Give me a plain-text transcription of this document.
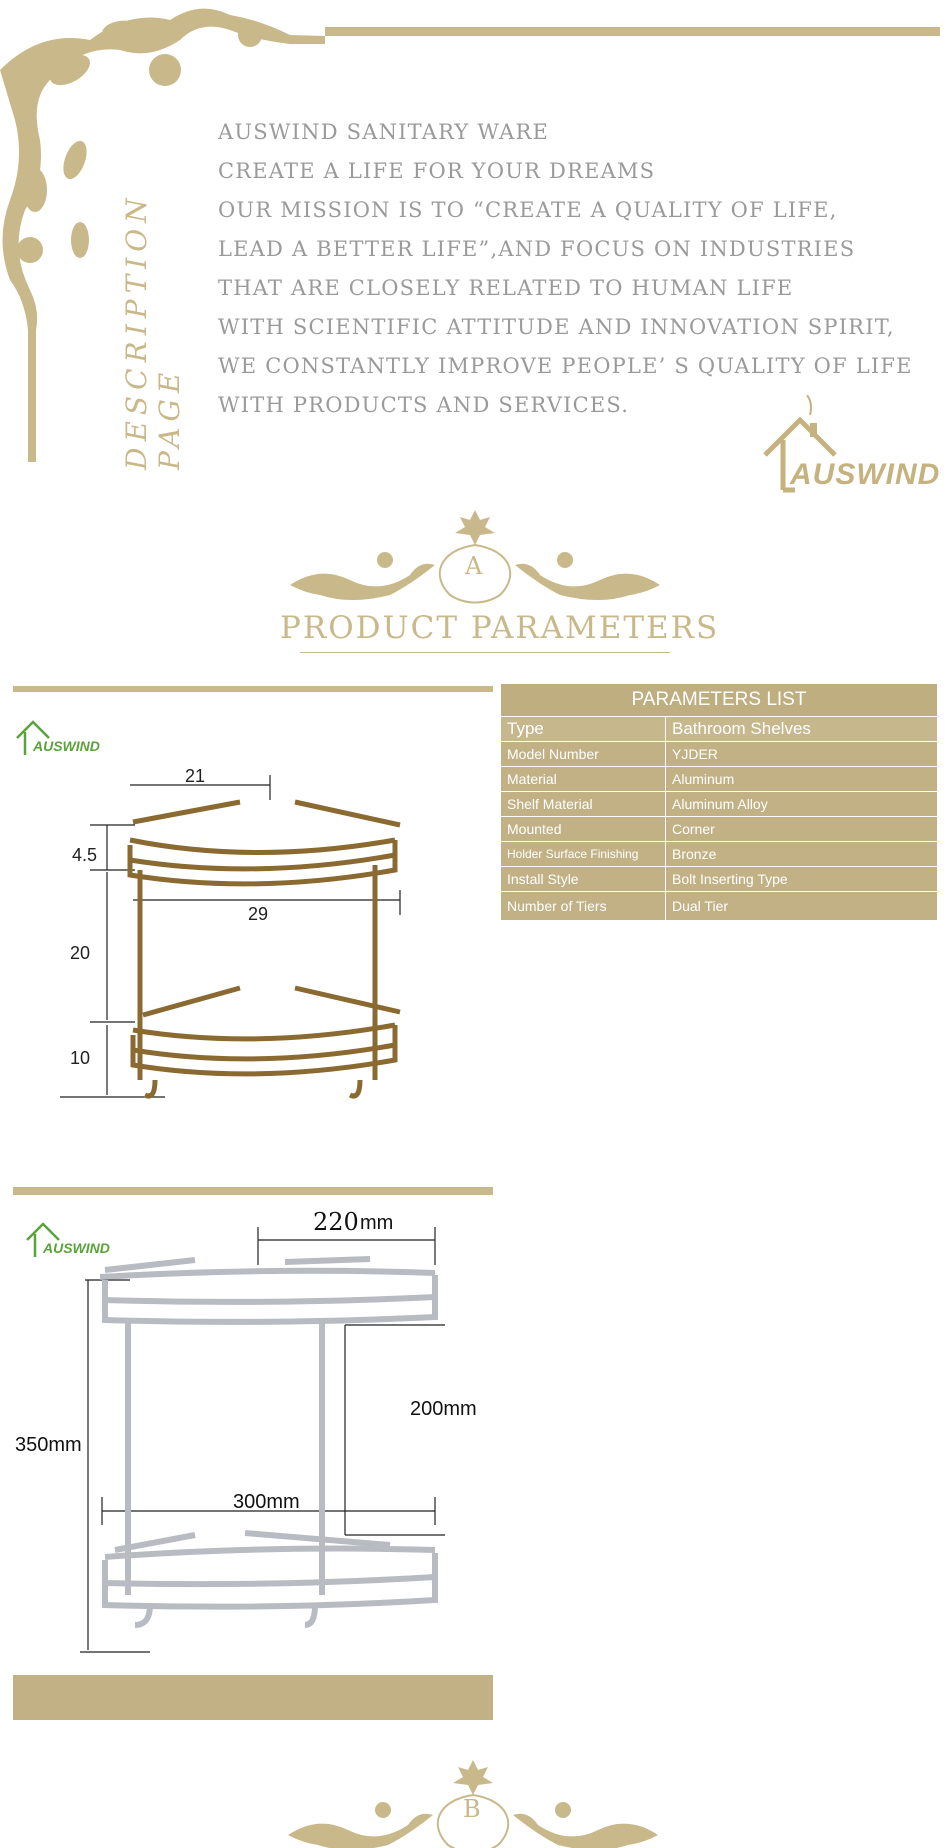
DESCRIPTION PAGE
AUSWIND SANITARY WARE
CREATE A LIFE FOR YOUR DREAMS
OUR MISSION IS TO “CREATE A QUALITY OF LIFE,
LEAD A BETTER LIFE”,AND FOCUS ON INDUSTRIES
THAT ARE CLOSELY RELATED TO HUMAN LIFE
WITH SCIENTIFIC ATTITUDE AND INNOVATION SPIRIT,
WE CONSTANTLY IMPROVE PEOPLE’ S QUALITY OF LIFE
WITH PRODUCTS AND SERVICES.
AUSWIND
A
PRODUCT PARAMETERS
AUSWIND
21
4.5
29
20
10
PARAMETERS LIST	
Type	Bathroom Shelves
Model Number	YJDER
Material	Aluminum
Shelf Material	Aluminum Alloy
Mounted	Corner
Holder Surface Finishing	Bronze
Install Style	Bolt Inserting Type
Number of Tiers	Dual Tier
AUSWIND
220 mm
200mm
350mm
300mm
B
